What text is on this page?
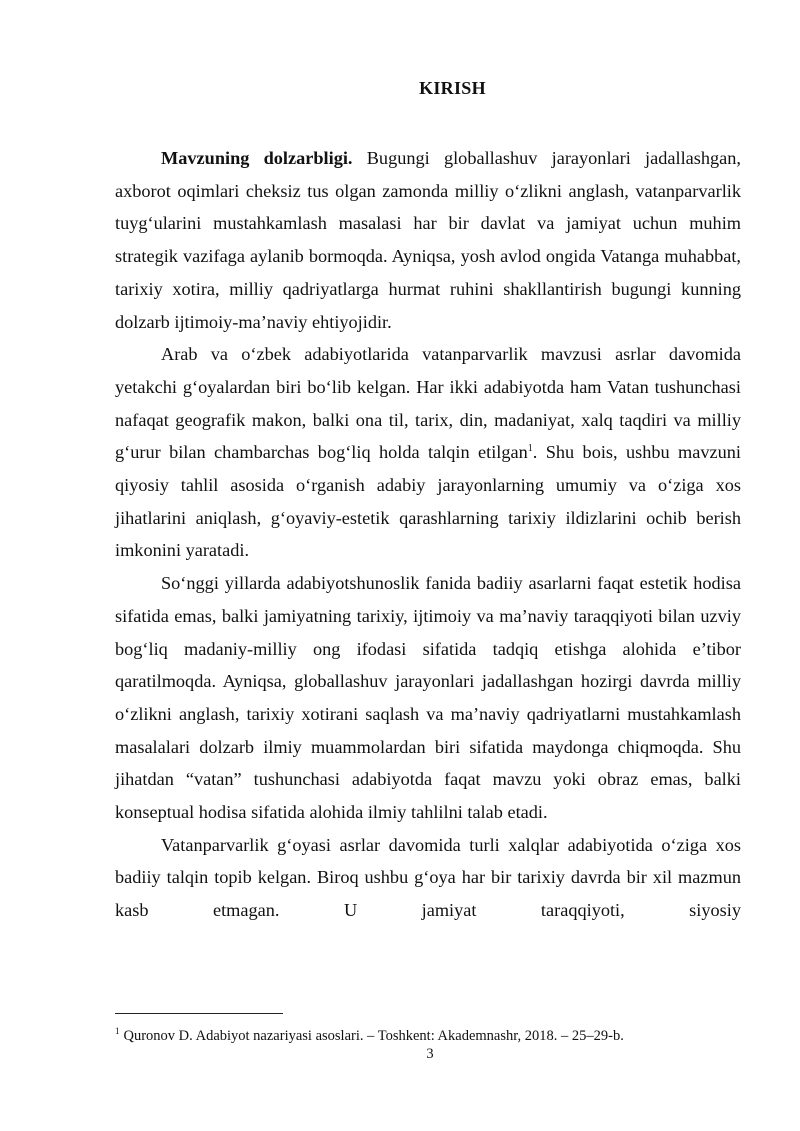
KIRISH

Mavzuning dolzarbligi. Bugungi globallashuv jarayonlari jadallashgan, axborot oqimlari cheksiz tus olgan zamonda milliy o‘zlikni anglash, vatanparvarlik tuyg‘ularini mustahkamlash masalasi har bir davlat va jamiyat uchun muhim strategik vazifaga aylanib bormoqda. Ayniqsa, yosh avlod ongida Vatanga muhabbat, tarixiy xotira, milliy qadriyatlarga hurmat ruhini shakllantirish bugungi kunning dolzarb ijtimoiy-ma’naviy ehtiyojidir.

Arab va o‘zbek adabiyotlarida vatanparvarlik mavzusi asrlar davomida yetakchi g‘oyalardan biri bo‘lib kelgan. Har ikki adabiyotda ham Vatan tushunchasi nafaqat geografik makon, balki ona til, tarix, din, madaniyat, xalq taqdiri va milliy g‘urur bilan chambarchas bog‘liq holda talqin etilgan$^1$. Shu bois, ushbu mavzuni qiyosiy tahlil asosida o‘rganish adabiy jarayonlarning umumiy va o‘ziga xos jihatlarini aniqlash, g‘oyaviy-estetik qarashlarning tarixiy ildizlarini ochib berish imkonini yaratadi.

So‘nggi yillarda adabiyotshunoslik fanida badiiy asarlarni faqat estetik hodisa sifatida emas, balki jamiyatning tarixiy, ijtimoiy va ma’naviy taraqqiyoti bilan uzviy bog‘liq madaniy-milliy ong ifodasi sifatida tadqiq etishga alohida e’tibor qaratilmoqda. Ayniqsa, globallashuv jarayonlari jadallashgan hozirgi davrda milliy o‘zlikni anglash, tarixiy xotirani saqlash va ma’naviy qadriyatlarni mustahkamlash masalalari dolzarb ilmiy muammolardan biri sifatida maydonga chiqmoqda. Shu jihatdan “vatan” tushunchasi adabiyotda faqat mavzu yoki obraz emas, balki konseptual hodisa sifatida alohida ilmiy tahlilni talab etadi.

Vatanparvarlik g‘oyasi asrlar davomida turli xalqlar adabiyotida o‘ziga xos badiiy talqin topib kelgan. Biroq ushbu g‘oya har bir tarixiy davrda bir xil mazmun kasb etmagan. U jamiyat taraqqiyoti, siyosiy

$^1$ Quronov D. Adabiyot nazariyasi asoslari. – Toshkent: Akademnashr, 2018. – 25–29-b.
3
